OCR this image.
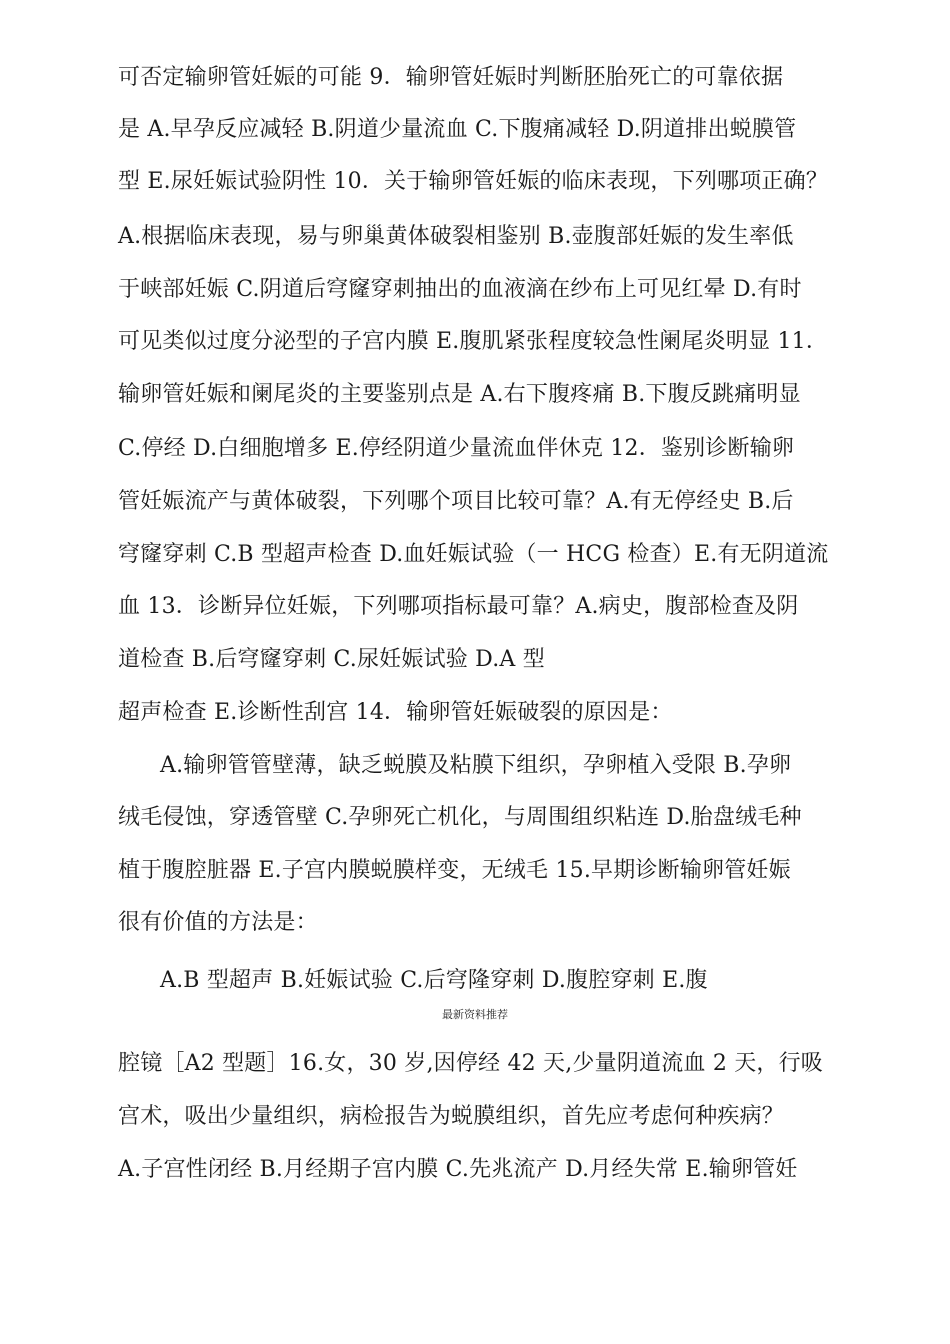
可否定输卵管妊娠的可能 9．输卵管妊娠时判断胚胎死亡的可靠依据
是 A.早孕反应减轻 B.阴道少量流血 C.下腹痛减轻 D.阴道排出蜕膜管
型 E.尿妊娠试验阴性 10．关于输卵管妊娠的临床表现，下列哪项正确？
A.根据临床表现，易与卵巢黄体破裂相鉴别 B.壶腹部妊娠的发生率低
于峡部妊娠 C.阴道后穹窿穿刺抽出的血液滴在纱布上可见红晕 D.有时
可见类似过度分泌型的子宫内膜 E.腹肌紧张程度较急性阑尾炎明显 11．
输卵管妊娠和阑尾炎的主要鉴别点是 A.右下腹疼痛 B.下腹反跳痛明显
C.停经 D.白细胞增多 E.停经阴道少量流血伴休克 12．鉴别诊断输卵
管妊娠流产与黄体破裂，下列哪个项目比较可靠？A.有无停经史 B.后
穹窿穿刺 C.B 型超声检查 D.血妊娠试验（一 HCG 检查）E.有无阴道流
血 13．诊断异位妊娠，下列哪项指标最可靠？A.病史，腹部检查及阴
道检查 B.后穹窿穿刺 C.尿妊娠试验 D.A 型
超声检查 E.诊断性刮宫 14．输卵管妊娠破裂的原因是：
A.输卵管管壁薄，缺乏蜕膜及粘膜下组织，孕卵植入受限 B.孕卵
绒毛侵蚀，穿透管壁 C.孕卵死亡机化，与周围组织粘连 D.胎盘绒毛种
植于腹腔脏器 E.子宫内膜蜕膜样变，无绒毛 15.早期诊断输卵管妊娠
很有价值的方法是：
A.B 型超声 B.妊娠试验 C.后穹隆穿刺 D.腹腔穿刺 E.腹
最新资料推荐
腔镜［A2 型题］16.女，30 岁,因停经 42 天,少量阴道流血 2 天，行吸
宫术，吸出少量组织，病检报告为蜕膜组织，首先应考虑何种疾病？
A.子宫性闭经 B.月经期子宫内膜 C.先兆流产 D.月经失常 E.输卵管妊
